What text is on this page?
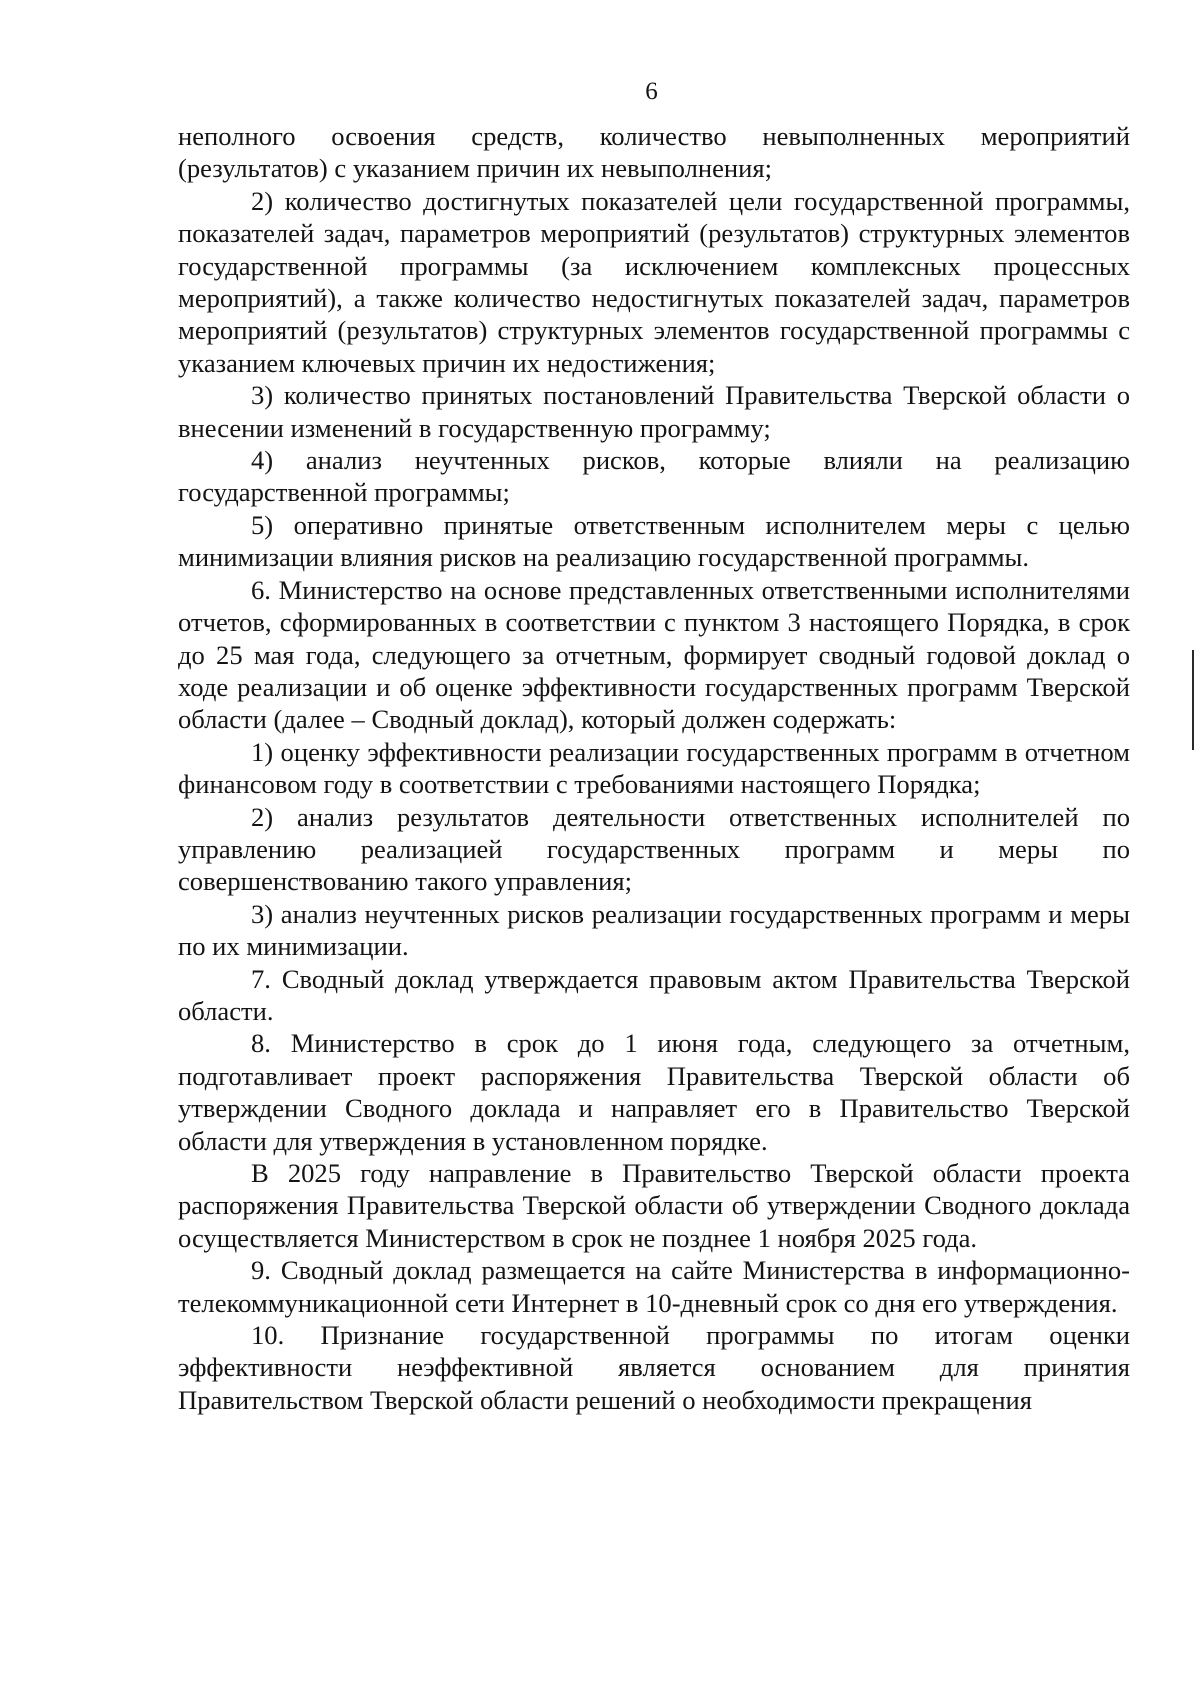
6

неполного освоения средств, количество невыполненных мероприятий (результатов) с указанием причин их невыполнения;

2) количество достигнутых показателей цели государственной программы, показателей задач, параметров мероприятий (результатов) структурных элементов государственной программы (за исключением комплексных процессных мероприятий), а также количество недостигнутых показателей задач, параметров мероприятий (результатов) структурных элементов государственной программы с указанием ключевых причин их недостижения;

3) количество принятых постановлений Правительства Тверской области о внесении изменений в государственную программу;

4) анализ неучтенных рисков, которые влияли на реализацию государственной программы;

5) оперативно принятые ответственным исполнителем меры с целью минимизации влияния рисков на реализацию государственной программы.

6. Министерство на основе представленных ответственными исполнителями отчетов, сформированных в соответствии с пунктом 3 настоящего Порядка, в срок до 25 мая года, следующего за отчетным, формирует сводный годовой доклад о ходе реализации и об оценке эффективности государственных программ Тверской области (далее – Сводный доклад), который должен содержать:

1) оценку эффективности реализации государственных программ в отчетном финансовом году в соответствии с требованиями настоящего Порядка;

2) анализ результатов деятельности ответственных исполнителей по управлению реализацией государственных программ и меры по совершенствованию такого управления;

3) анализ неучтенных рисков реализации государственных программ и меры по их минимизации.

7. Сводный доклад утверждается правовым актом Правительства Тверской области.

8. Министерство в срок до 1 июня года, следующего за отчетным, подготавливает проект распоряжения Правительства Тверской области об утверждении Сводного доклада и направляет его в Правительство Тверской области для утверждения в установленном порядке.

В 2025 году направление в Правительство Тверской области проекта распоряжения Правительства Тверской области об утверждении Сводного доклада осуществляется Министерством в срок не позднее 1 ноября 2025 года.

9. Сводный доклад размещается на сайте Министерства в информационно-телекоммуникационной сети Интернет в 10-дневный срок со дня его утверждения.

10. Признание государственной программы по итогам оценки эффективности неэффективной является основанием для принятия Правительством Тверской области решений о необходимости прекращения
